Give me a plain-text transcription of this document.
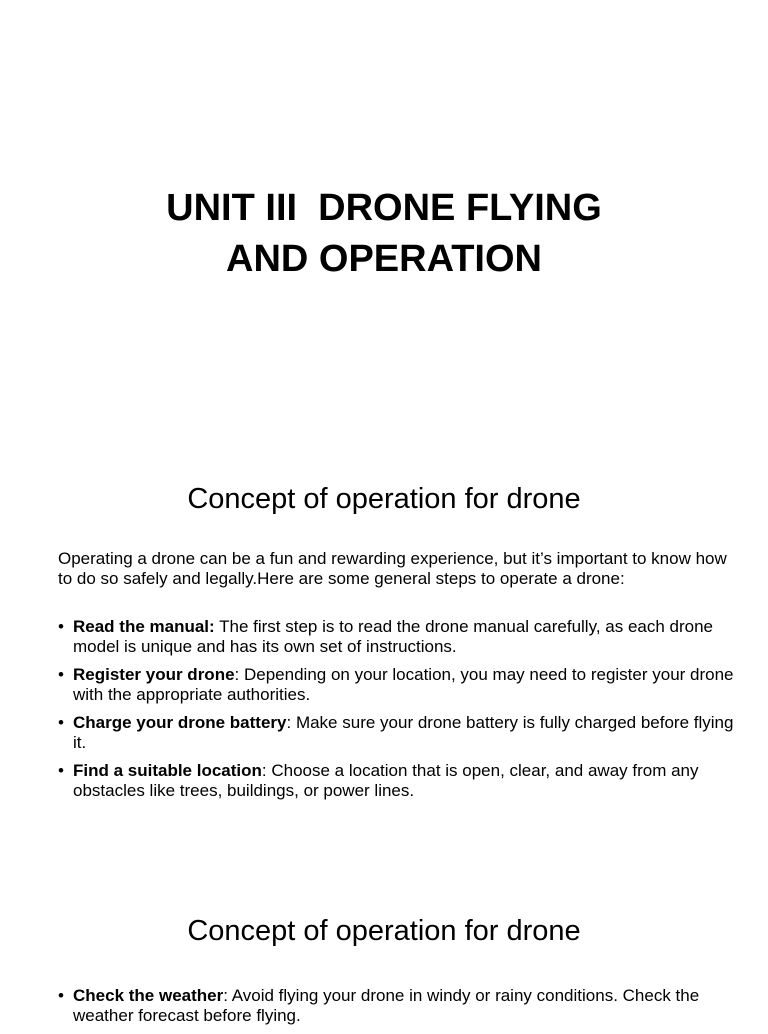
UNIT III  DRONE FLYING
AND OPERATION
Concept of operation for drone
Operating a drone can be a fun and rewarding experience, but it’s important to know how to do so safely and legally.Here are some general steps to operate a drone:
• Read the manual: The first step is to read the drone manual carefully, as each drone model is unique and has its own set of instructions.
• Register your drone: Depending on your location, you may need to register your drone with the appropriate authorities.
• Charge your drone battery: Make sure your drone battery is fully charged before flying it.
• Find a suitable location: Choose a location that is open, clear, and away from any obstacles like trees, buildings, or power lines.
Concept of operation for drone
• Check the weather: Avoid flying your drone in windy or rainy conditions. Check the weather forecast before flying.
